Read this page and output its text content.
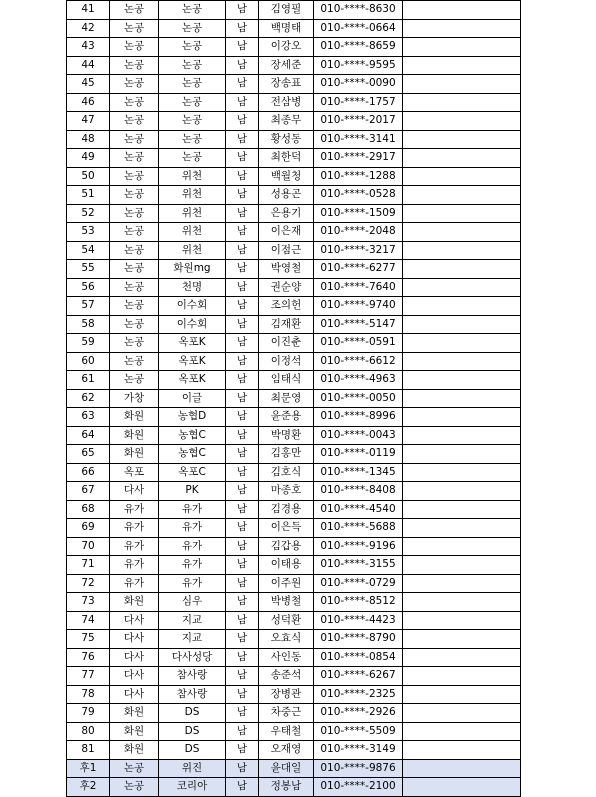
41	논공	논공	남	김영필	010-****-8630	
42	논공	논공	남	백명태	010-****-0664	
43	논공	논공	남	이강오	010-****-8659	
44	논공	논공	남	장세준	010-****-9595	
45	논공	논공	남	장송표	010-****-0090	
46	논공	논공	남	전삼병	010-****-1757	
47	논공	논공	남	최종무	010-****-2017	
48	논공	논공	남	황성동	010-****-3141	
49	논공	논공	남	최한덕	010-****-2917	
50	논공	위천	남	백월청	010-****-1288	
51	논공	위천	남	성용곤	010-****-0528	
52	논공	위천	남	은용기	010-****-1509	
53	논공	위천	남	이은재	010-****-2048	
54	논공	위천	남	이점근	010-****-3217	
55	논공	화원mg	남	박영철	010-****-6277	
56	논공	천명	남	권순양	010-****-7640	
57	논공	이수회	남	조의헌	010-****-9740	
58	논공	이수회	남	김재환	010-****-5147	
59	논공	옥포K	남	이진춘	010-****-0591	
60	논공	옥포K	남	이정석	010-****-6612	
61	논공	옥포K	남	임태식	010-****-4963	
62	가창	이글	남	최문영	010-****-0050	
63	화원	농협D	남	윤준용	010-****-8996	
64	화원	농협C	남	박명환	010-****-0043	
65	화원	농협C	남	김홍만	010-****-0119	
66	옥포	옥포C	남	김호식	010-****-1345	
67	다사	PK	남	마종호	010-****-8408	
68	유가	유가	남	김경용	010-****-4540	
69	유가	유가	남	이은득	010-****-5688	
70	유가	유가	남	김갑용	010-****-9196	
71	유가	유가	남	이태용	010-****-3155	
72	유가	유가	남	이주원	010-****-0729	
73	화원	심우	남	박병철	010-****-8512	
74	다사	지교	남	성덕환	010-****-4423	
75	다사	지교	남	오효식	010-****-8790	
76	다사	다사성당	남	사인동	010-****-0854	
77	다사	참사랑	남	송준석	010-****-6267	
78	다사	참사랑	남	장병관	010-****-2325	
79	화원	DS	남	차중근	010-****-2926	
80	화원	DS	남	우태철	010-****-5509	
81	화원	DS	남	오재영	010-****-3149	
후1	논공	위진	남	윤대일	010-****-9876	
후2	논공	코리아	남	정봉남	010-****-2100	
